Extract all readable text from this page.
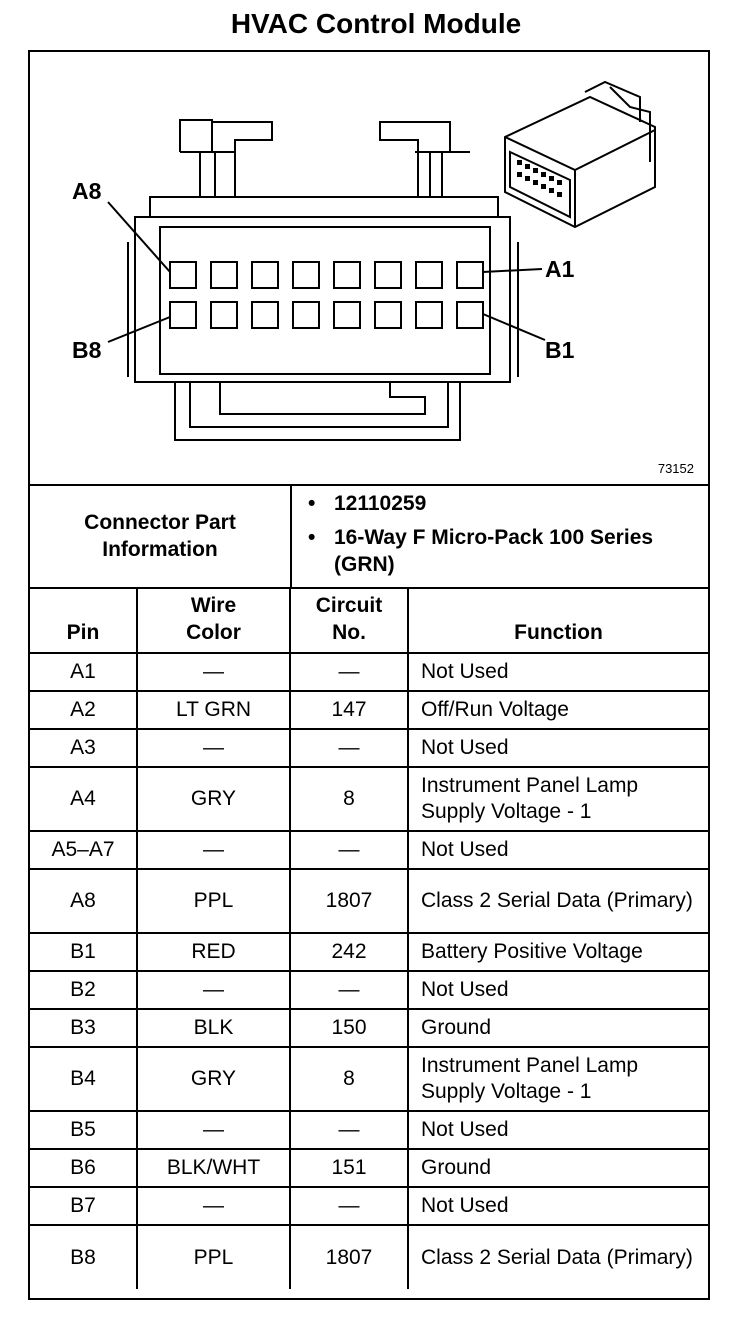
HVAC Control Module
A8
A1
B8	B1
73152
Connector Part Information
• 12110259
• 16-Way F Micro-Pack 100 Series (GRN)
Pin	Wire Color	Circuit No.	Function
A1	—	—	Not Used
A2	LT GRN	147	Off/Run Voltage
A3	—	—	Not Used
A4	GRY	8	Instrument Panel Lamp Supply Voltage - 1
A5–A7	—	—	Not Used
A8	PPL	1807	Class 2 Serial Data (Primary)
B1	RED	242	Battery Positive Voltage
B2	—	—	Not Used
B3	BLK	150	Ground
B4	GRY	8	Instrument Panel Lamp Supply Voltage - 1
B5	—	—	Not Used
B6	BLK/WHT	151	Ground
B7	—	—	Not Used
B8	PPL	1807	Class 2 Serial Data (Primary)
